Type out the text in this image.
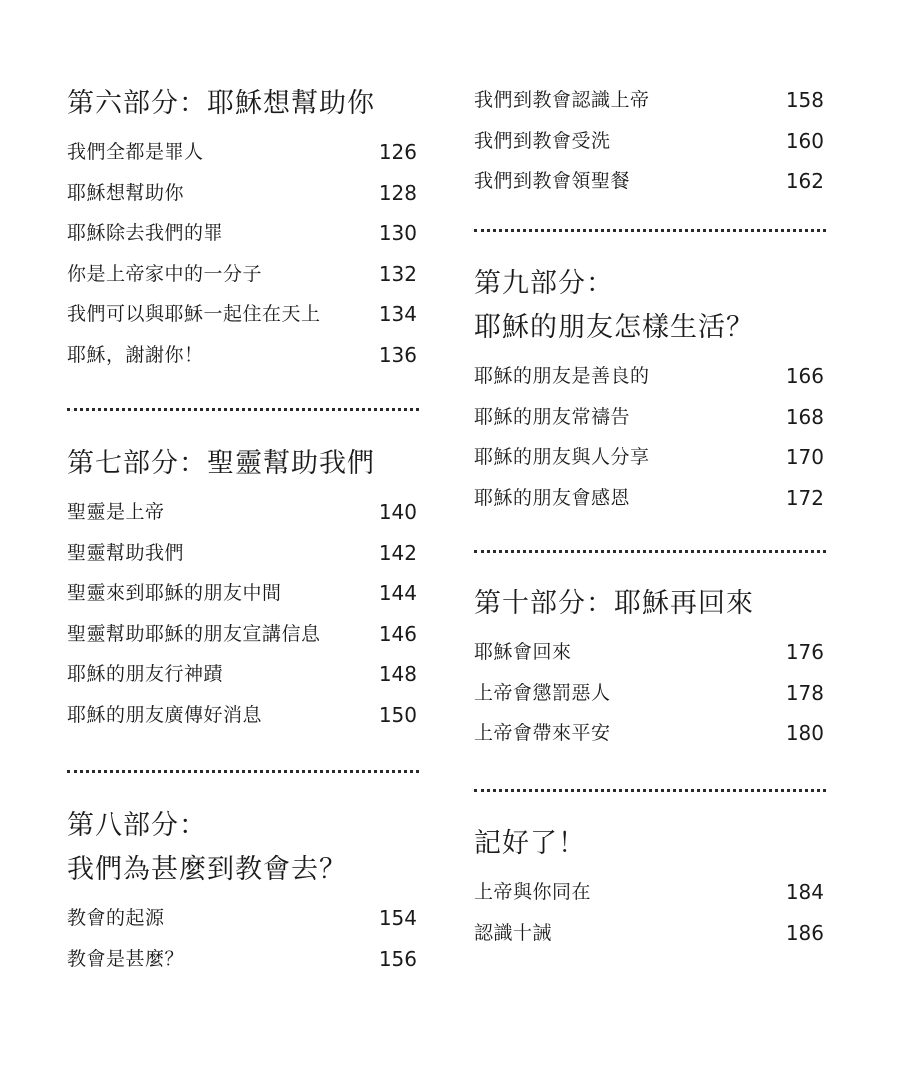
第六部分：耶穌想幫助你
我們全都是罪人	126
耶穌想幫助你	128
耶穌除去我們的罪	130
你是上帝家中的一分子	132
我們可以與耶穌一起住在天上	134
耶穌，謝謝你！	136
第七部分：聖靈幫助我們
聖靈是上帝	140
聖靈幫助我們	142
聖靈來到耶穌的朋友中間	144
聖靈幫助耶穌的朋友宣講信息	146
耶穌的朋友行神蹟	148
耶穌的朋友廣傳好消息	150
第八部分：
我們為甚麼到教會去？
教會的起源	154
教會是甚麼？	156
我們到教會認識上帝	158
我們到教會受洗	160
我們到教會領聖餐	162
第九部分：
耶穌的朋友怎樣生活？
耶穌的朋友是善良的	166
耶穌的朋友常禱告	168
耶穌的朋友與人分享	170
耶穌的朋友會感恩	172
第十部分：耶穌再回來
耶穌會回來	176
上帝會懲罰惡人	178
上帝會帶來平安	180
記好了！
上帝與你同在	184
認識十誡	186
